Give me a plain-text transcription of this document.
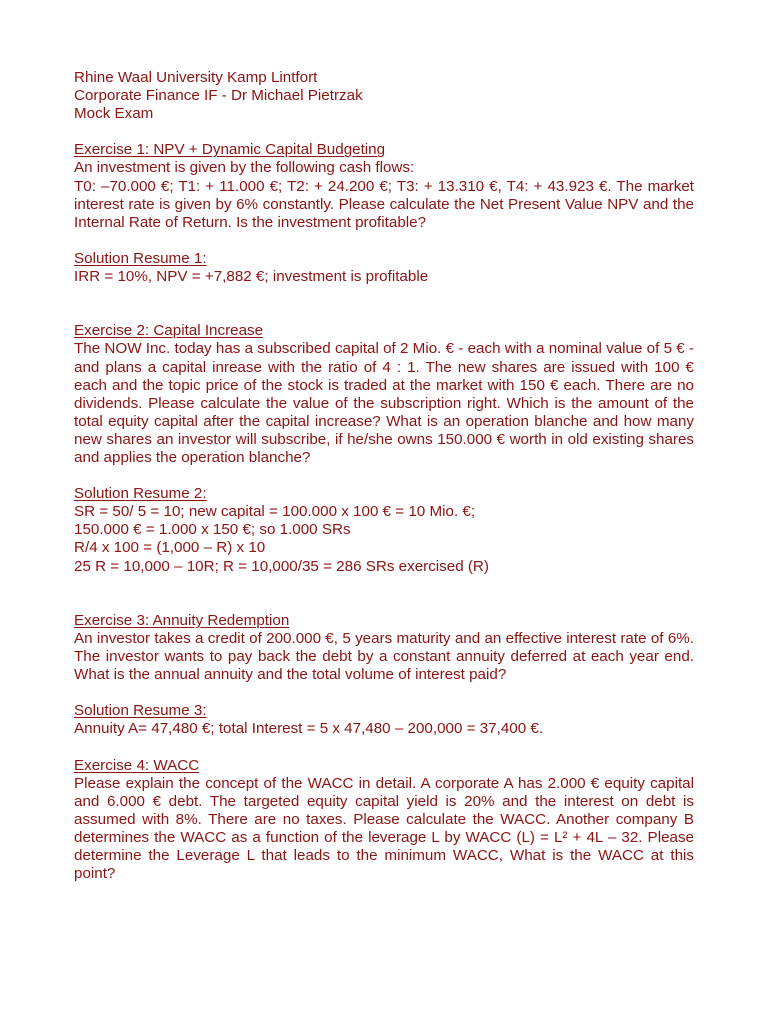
Rhine Waal University Kamp Lintfort
Corporate Finance IF - Dr Michael Pietrzak
Mock Exam
Exercise 1: NPV + Dynamic Capital Budgeting
An investment is given by the following cash flows:
T0: –70.000 €; T1: + 11.000 €; T2: + 24.200 €; T3: + 13.310 €, T4: + 43.923 €. The market interest rate is given by 6% constantly. Please calculate the Net Present Value NPV and the Internal Rate of Return. Is the investment profitable?
Solution Resume 1:
IRR = 10%, NPV = +7,882 €; investment is profitable
Exercise 2: Capital Increase
The NOW Inc. today has a subscribed capital of 2 Mio. € - each with a nominal value of 5 € - and plans a capital inrease with the ratio of 4 : 1. The new shares are issued with 100 € each and the topic price of the stock is traded at the market with 150 € each. There are no dividends. Please calculate the value of the subscription right. Which is the amount of the total equity capital after the capital increase? What is an operation blanche and how many new shares an investor will subscribe, if he/she owns 150.000 € worth in old existing shares and applies the operation blanche?
Solution Resume 2:
SR = 50/ 5 = 10; new capital = 100.000 x 100 € = 10 Mio. €;
150.000 € = 1.000 x 150 €; so 1.000 SRs
R/4 x 100 = (1,000 – R) x 10
25 R = 10,000 – 10R; R = 10,000/35 = 286 SRs exercised (R)
Exercise 3: Annuity Redemption
An investor takes a credit of 200.000 €, 5 years maturity and an effective interest rate of 6%. The investor wants to pay back the debt by a constant annuity deferred at each year end. What is the annual annuity and the total volume of interest paid?
Solution Resume 3:
Annuity A= 47,480 €; total Interest = 5 x 47,480 – 200,000 = 37,400 €.
Exercise 4: WACC
Please explain the concept of the WACC in detail. A corporate A has 2.000 € equity capital and 6.000 € debt. The targeted equity capital yield is 20% and the interest on debt is assumed with 8%. There are no taxes. Please calculate the WACC. Another company B determines the WACC as a function of the leverage L by WACC (L) = L² + 4L – 32. Please determine the Leverage L that leads to the minimum WACC, What is the WACC at this point?
